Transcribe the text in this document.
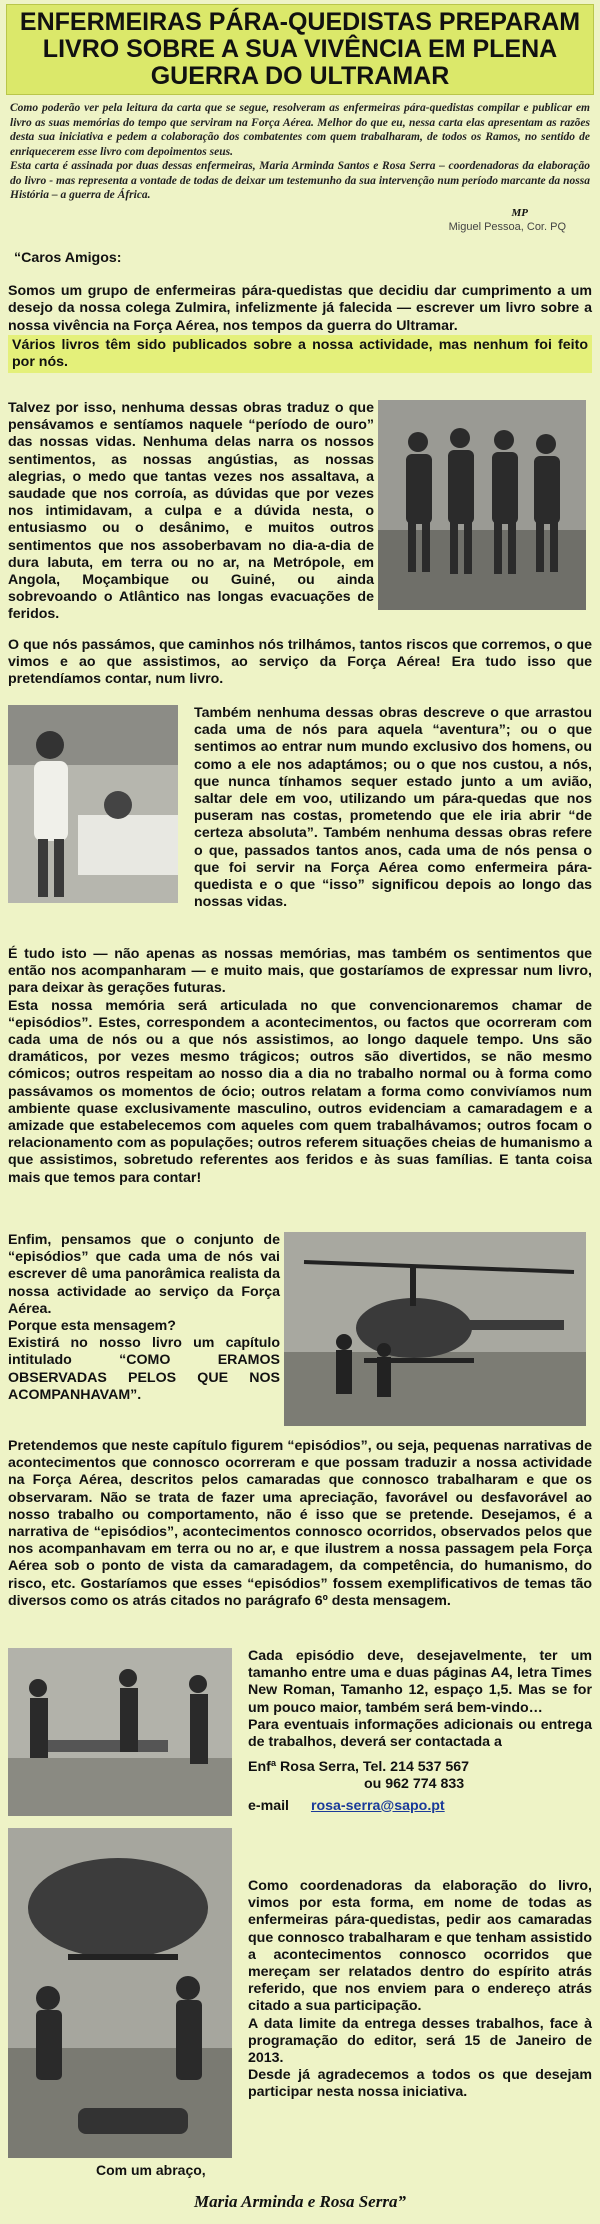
ENFERMEIRAS PÁRA-QUEDISTAS PREPARAM LIVRO SOBRE A SUA VIVÊNCIA EM PLENA GUERRA DO ULTRAMAR

Como poderão ver pela leitura da carta que se segue, resolveram as enfermeiras pára-quedistas compilar e publicar em livro as suas memórias do tempo que serviram na Força Aérea. Melhor do que eu, nessa carta elas apresentam as razões desta sua iniciativa e pedem a colaboração dos combatentes com quem trabalharam, de todos os Ramos, no sentido de enriquecerem esse livro com depoimentos seus.

Esta carta é assinada por duas dessas enfermeiras, Maria Arminda Santos e Rosa Serra – coordenadoras da elaboração do livro - mas representa a vontade de todas de deixar um testemunho da sua intervenção num período marcante da nossa História – a guerra de África.

MP
Miguel Pessoa, Cor. PQ

“Caros Amigos:

Somos um grupo de enfermeiras pára-quedistas que decidiu dar cumprimento a um desejo da nossa colega Zulmira, infelizmente já falecida — escrever um livro sobre a nossa vivência na Força Aérea, nos tempos da guerra do Ultramar.

Vários livros têm sido publicados sobre a nossa actividade, mas nenhum foi feito por nós.

Talvez por isso, nenhuma dessas obras traduz o que pensávamos e sentíamos naquele “período de ouro” das nossas vidas. Nenhuma delas narra os nossos sentimentos, as nossas angústias, as nossas alegrias, o medo que tantas vezes nos assaltava, a saudade que nos corroía, as dúvidas que por vezes nos intimidavam, a culpa e a dúvida nesta, o entusiasmo ou o desânimo, e muitos outros sentimentos que nos assoberbavam no dia-a-dia de dura labuta, em terra ou no ar, na Metrópole, em Angola, Moçambique ou Guiné, ou ainda sobrevoando o Atlântico nas longas evacuações de feridos.

O que nós passámos, que caminhos nós trilhámos, tantos riscos que corremos, o que vimos e ao que assistimos, ao serviço da Força Aérea! Era tudo isso que pretendíamos contar, num livro.

Também nenhuma dessas obras descreve o que arrastou cada uma de nós para aquela “aventura”; ou o que sentimos ao entrar num mundo exclusivo dos homens, ou como a ele nos adaptámos; ou o que nos custou, a nós, que nunca tínhamos sequer estado junto a um avião, saltar dele em voo, utilizando um pára-quedas que nos puseram nas costas, prometendo que ele iria abrir “de certeza absoluta”. Também nenhuma dessas obras refere o que, passados tantos anos, cada uma de nós pensa o que foi servir na Força Aérea como enfermeira pára-quedista e o que “isso” significou depois ao longo das nossas vidas.

É tudo isto — não apenas as nossas memórias, mas também os sentimentos que então nos acompanharam — e muito mais, que gostaríamos de expressar num livro, para deixar às gerações futuras.

Esta nossa memória será articulada no que convencionaremos chamar de “episódios”. Estes, correspondem a acontecimentos, ou factos que ocorreram com cada uma de nós ou a que nós assistimos, ao longo daquele tempo. Uns são dramáticos, por vezes mesmo trágicos; outros são divertidos, se não mesmo cómicos; outros respeitam ao nosso dia a dia no trabalho normal ou à forma como passávamos os momentos de ócio; outros relatam a forma como convivíamos num ambiente quase exclusivamente masculino, outros evidenciam a camaradagem e a amizade que estabelecemos com aqueles com quem trabalhávamos; outros focam o relacionamento com as populações; outros referem situações cheias de humanismo a que assistimos, sobretudo referentes aos feridos e às suas famílias. E tanta coisa mais que temos para contar!

Enfim, pensamos que o conjunto de “episódios” que cada uma de nós vai escrever dê uma panorâmica realista da nossa actividade ao serviço da Força Aérea.

Porque esta mensagem?

Existirá no nosso livro um capítulo intitulado “COMO ERAMOS OBSERVADAS PELOS QUE NOS ACOMPANHAVAM”.

Pretendemos que neste capítulo figurem “episódios”, ou seja, pequenas narrativas de acontecimentos que connosco ocorreram e que possam traduzir a nossa actividade na Força Aérea, descritos pelos camaradas que connosco trabalharam e que os observaram. Não se trata de fazer uma apreciação, favorável ou desfavorável ao nosso trabalho ou comportamento, não é isso que se pretende. Desejamos, é a narrativa de “episódios”, acontecimentos connosco ocorridos, observados pelos que nos acompanhavam em terra ou no ar, e que ilustrem a nossa passagem pela Força Aérea sob o ponto de vista da camaradagem, da competência, do humanismo, do risco, etc. Gostaríamos que esses “episódios” fossem exemplificativos de temas tão diversos como os atrás citados no parágrafo 6º desta mensagem.

Cada episódio deve, desejavelmente, ter um tamanho entre uma e duas páginas A4, letra Times New Roman, Tamanho 12, espaço 1,5. Mas se for um pouco maior, também será bem-vindo…

Para eventuais informações adicionais ou entrega de trabalhos, deverá ser contactada a

Enfª Rosa Serra, Tel. 214 537 567

ou 962 774 833

e-mail rosa-serra@sapo.pt

Como coordenadoras da elaboração do livro, vimos por esta forma, em nome de todas as enfermeiras pára-quedistas, pedir aos camaradas que connosco trabalharam e que tenham assistido a acontecimentos connosco ocorridos que mereçam ser relatados dentro do espírito atrás referido, que nos enviem para o endereço atrás citado a sua participação.

A data limite da entrega desses trabalhos, face à programação do editor, será 15 de Janeiro de 2013.

Desde já agradecemos a todos os que desejam participar nesta nossa iniciativa.

Com um abraço,
Maria Arminda e Rosa Serra”
